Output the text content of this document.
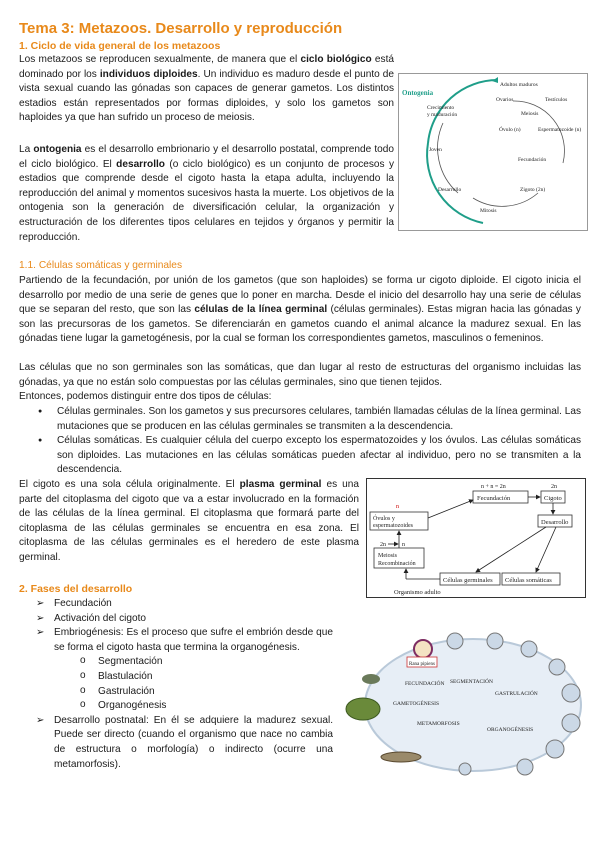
Tema 3: Metazoos. Desarrollo y reproducción
1. Ciclo de vida general de los metazoos
Los metazoos se reproducen sexualmente, de manera que el ciclo biológico está dominado por los individuos diploides. Un individuo es maduro desde el punto de vista sexual cuando las gónadas son capaces de generar gametos. Los distintos estadios están representados por formas diploides, y solo los gametos son haploides ya que han sufrido un proceso de meiosis.
La ontogenia es el desarrollo embrionario y el desarrollo postatal, comprende todo el ciclo biológico. El desarrollo (o ciclo biológico) es un conjunto de procesos y estadios que comprende desde el cigoto hasta la etapa adulta, incluyendo la reproducción del animal y momentos sucesivos hasta la muerte. Los objetivos de la ontogenia son la generación de diversificación celular, la organización y estructuración de los diferentes tipos celulares en tejidos y órganos y permitir la reproducción.
Ontogenia
Adultos maduros
Ovarios	Testículos
Meiosis
Óvulo (n)	Espermatozoide (n)
Fecundación
Zigoto (2n)
Mitosis
Desarrollo
Joven
Crecimiento
y maduración
1.1. Células somáticas y germinales
Partiendo de la fecundación, por unión de los gametos (que son haploides) se forma ur cigoto diploide. El cigoto inicia el desarrollo por medio de una serie de genes que lo poner en marcha. Desde el inicio del desarrollo hay una serie de células que se separan del resto, que son las células de la línea germinal (células germinales). Estas migran hacia las gónadas y son las precursoras de los gametos. Se diferenciarán en gametos cuando el animal alcance la madurez sexual. En las gónadas tiene lugar la gametogénesis, por la cual se forman los correspondientes gametos, masculinos o femeninos.
Las células que no son germinales son las somáticas, que dan lugar al resto de estructuras del organismo incluidas las gónadas, ya que no están solo compuestas por las células germinales, sino que tienen tejidos.
Entonces, podemos distinguir entre dos tipos de células:
● Células germinales. Son los gametos y sus precursores celulares, también llamadas células de la línea germinal. Las mutaciones que se producen en las células germinales se transmiten a la descendencia.
● Células somáticas. Es cualquier célula del cuerpo excepto los espermatozoides y los óvulos. Las células somáticas son diploides. Las mutaciones en las células somáticas pueden afectar al individuo, pero no se transmiten a la descendencia.
El cigoto es una sola célula originalmente. El plasma germinal es una parte del citoplasma del cigoto que va a estar involucrado en la formación de las células de la línea germinal. El citoplasma que formará parte del citoplasma de las células germinales se encuentra en esa zona. El citoplasma de las células germinales es el heredero de este plasma germinal.
n + n = 2n	2n
Fecundación	Cigoto
n
Óvulos y
espermatozoides	Desarrollo
2n	n
Meiosis
Recombinación
Células germinales Células somáticas
Organismo adulto
2. Fases del desarrollo
➢ Fecundación
➢ Activación del cigoto
➢ Embriogénesis: Es el proceso que sufre el embrión desde que se forma el cigoto hasta que termina la organogénesis.
o Segmentación
o Blastulación
o Gastrulación
o Organogénesis
➢ Desarrollo postnatal: En él se adquiere la madurez sexual. Puede ser directo (cuando el organismo que nace no cambia de estructura o morfología) o indirecto (ocurre una metamorfosis).
Rana pipiens
FECUNDACIÓN SEGMENTACIÓN
GASTRULACIÓN
ORGANOGÉNESIS
METAMORFOSIS
GAMETOGÉNESIS
